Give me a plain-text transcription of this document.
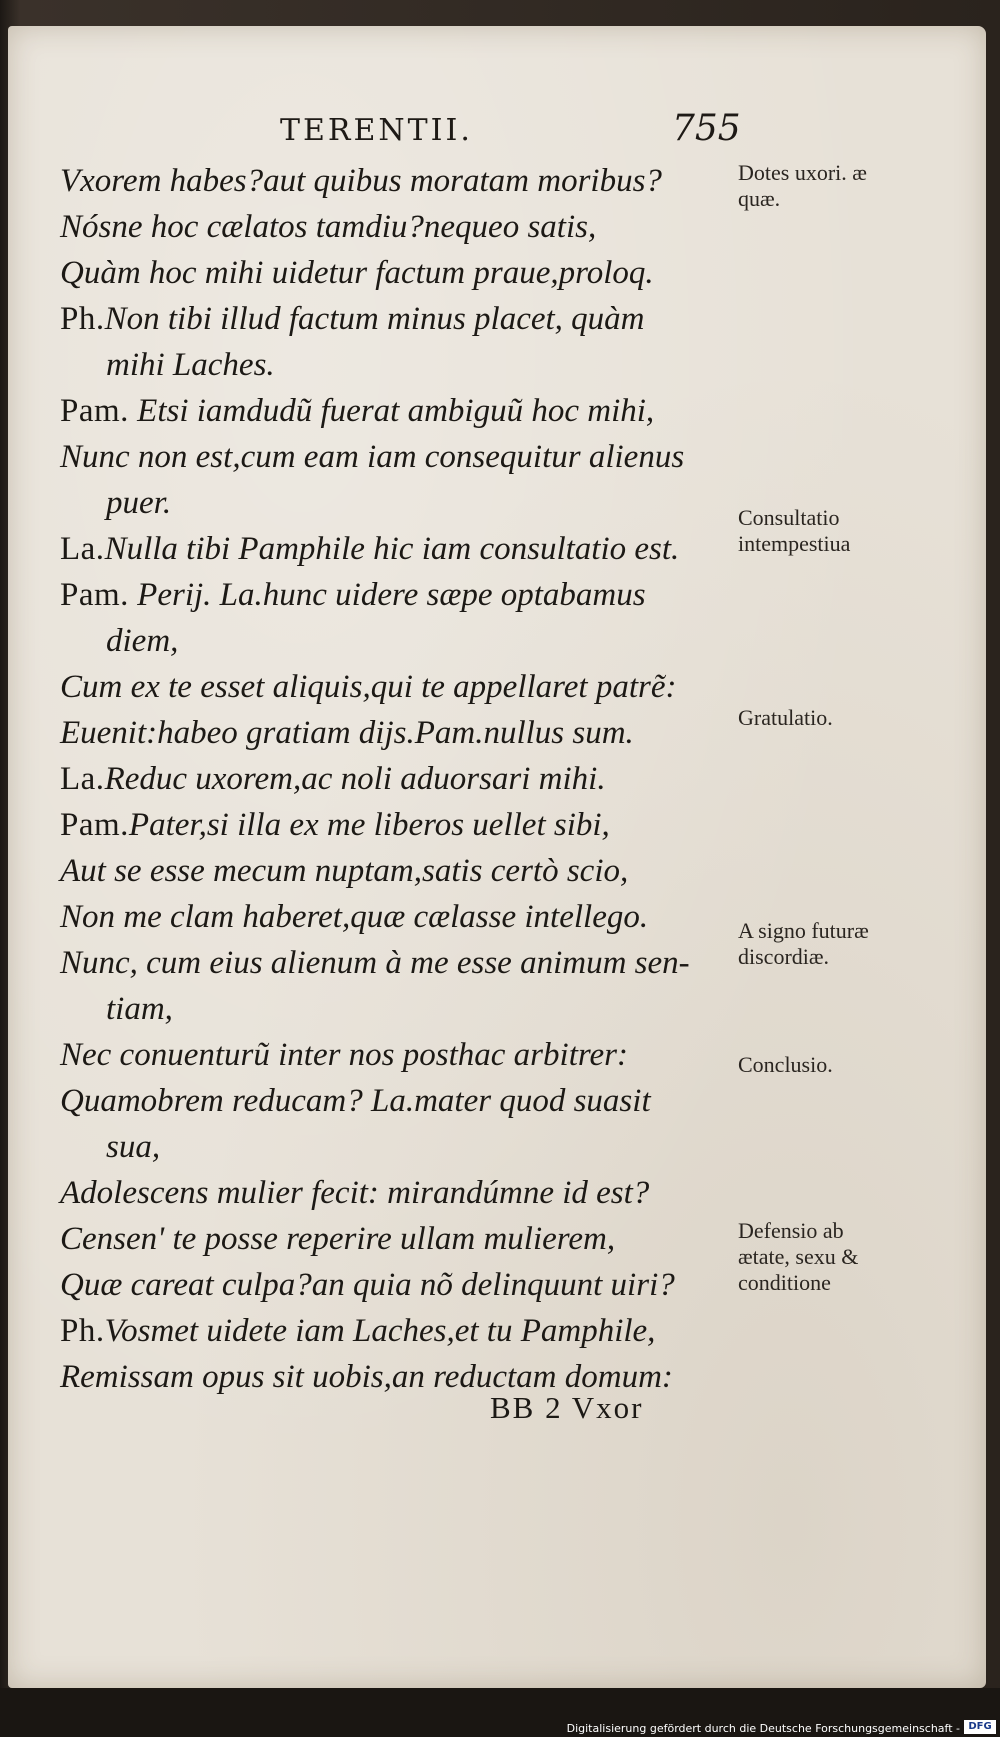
TERENTII.	755
Vxorem habes?aut quibus moratam moribus?
Nósne hoc cælatos tamdiu?nequeo satis,
Quàm hoc mihi uidetur factum praue,proloq.
Ph.Non tibi illud factum minus placet, quàm
mihi Laches.
Pam. Etsi iamdudũ fuerat ambiguũ hoc mihi,
Nunc non est,cum eam iam consequitur alienus
puer.
La.Nulla tibi Pamphile hic iam consultatio est.
Pam. Perij. La.hunc uidere sæpe optabamus
diem,
Cum ex te esset aliquis,qui te appellaret patrẽ:
Euenit:habeo gratiam dijs.Pam.nullus sum.
La.Reduc uxorem,ac noli aduorsari mihi.
Pam.Pater,si illa ex me liberos uellet sibi,
Aut se esse mecum nuptam,satis certò scio,
Non me clam haberet,quæ cælasse intellego.
Nunc, cum eius alienum à me esse animum sen-
tiam,
Nec conuenturũ inter nos posthac arbitrer:
Quamobrem reducam? La.mater quod suasit
sua,
Adolescens mulier fecit: mirandúmne id est?
Censen' te posse reperire ullam mulierem,
Quæ careat culpa?an quia nõ delinquunt uiri?
Ph.Vosmet uidete iam Laches,et tu Pamphile,
Remissam opus sit uobis,an reductam domum:
Dotes uxori. æ quæ.
Consultatio intempestiua
Gratulatio.
A signo futuræ discordiæ.
Conclusio.
Defensio ab ætate, sexu & conditione
BB 2 Vxor
Digitalisierung gefördert durch die Deutsche Forschungsgemeinschaft - DFG
